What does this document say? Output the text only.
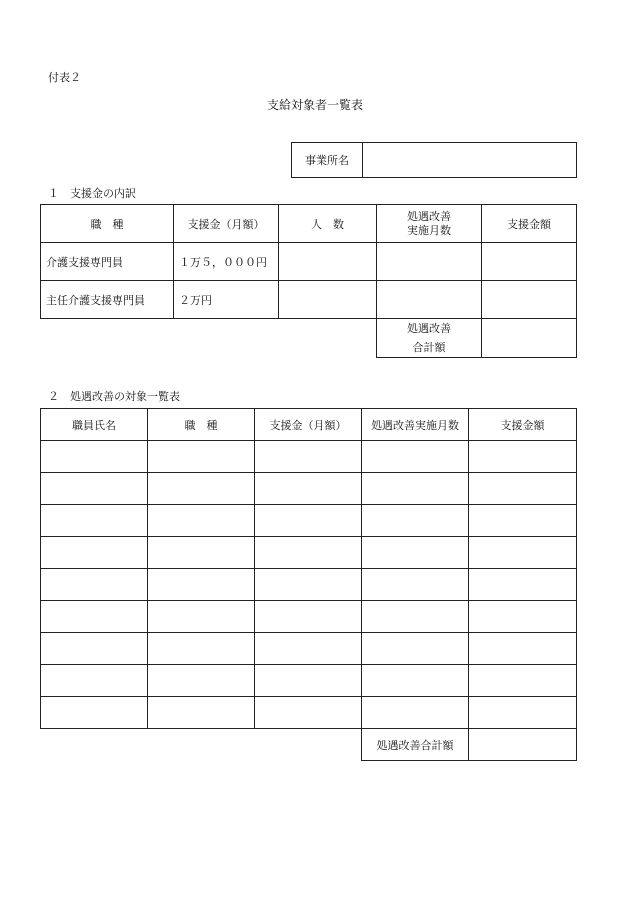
付表２
支給対象者一覧表
事業所名	
１　支援金の内訳
職　種	支援金（月額）	人　数	処遇改善
実施月数	支援金額
介護支援専門員	１万５，０００円			
主任介護支援専門員	２万円			

			処遇改善
合計額	

２　処遇改善の対象一覧表
職員氏名	職　種	支援金（月額）	処遇改善実施月数	支援金額

			処遇改善合計額	
